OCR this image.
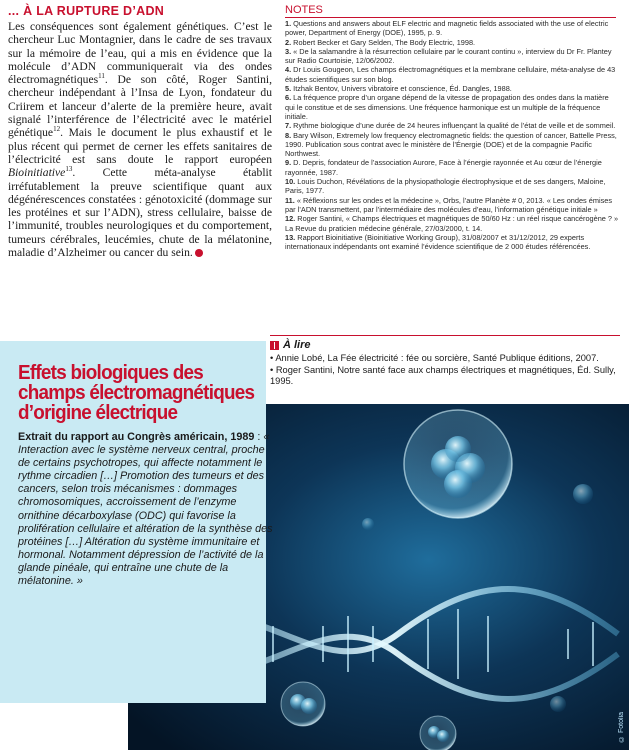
... À LA RUPTURE D’ADN

Les conséquences sont également génétiques. C’est le chercheur Luc Montagnier, dans le cadre de ses travaux sur la mémoire de l’eau, qui a mis en évidence que la molécule d’ADN communiquerait via des ondes électromagnétiques$^{11}$. De son côté, Roger Santini, chercheur indépendant à l’Insa de Lyon, fondateur du Criirem et lanceur d’alerte de la première heure, avait signalé l’interférence de l’électricité avec le matériel génétique$^{12}$. Mais le document le plus exhaustif et le plus récent qui permet de cerner les effets sanitaires de l’électricité est sans doute le rapport européen Bioinitiative$^{13}$. Cette méta-analyse établit irréfutablement la preuve scientifique quant aux dégénérescences constatées : génotoxicité (dommage sur les protéines et sur l’ADN), stress cellulaire, baisse de l’immunité, troubles neurologiques et du comportement, tumeurs cérébrales, leucémies, chute de la mélatonine, maladie d’Alzheimer ou cancer du sein.

NOTES
1. Questions and answers about ELF electric and magnetic fields associated with the use of electric power, Department of Energy (DOE), 1995, p. 9.
2. Robert Becker et Gary Selden, The Body Electric, 1998.
3. « De la salamandre à la résurrection cellulaire par le courant continu », interview du Dr Fr. Plantey sur Radio Courtoisie, 12/06/2002.
4. Dr Louis Gougeon, Les champs électromagnétiques et la membrane cellulaire, méta-analyse de 43 études scientifiques sur son blog.
5. Itzhak Bentov, Univers vibratoire et conscience, Éd. Dangles, 1988.
6. La fréquence propre d’un organe dépend de la vitesse de propagation des ondes dans la matière qui le constitue et de ses dimensions. Une fréquence harmonique est un multiple de la fréquence initiale.
7. Rythme biologique d’une durée de 24 heures influençant la qualité de l’état de veille et de sommeil.
8. Bary Wilson, Extremely low frequency electromagnetic fields: the question of cancer, Battelle Press, 1990. Publication sous contrat avec le ministère de l’Énergie (DOE) et de la compagnie Pacific Northwest.
9. D. Depris, fondateur de l’association Aurore, Face à l’énergie rayonnée et Au cœur de l’énergie rayonnée, 1987.
10. Louis Duchon, Révélations de la physiopathologie électrophysique et de ses dangers, Maloine, Paris, 1977.
11. « Réflexions sur les ondes et la médecine », Orbs, l’autre Planète # 0, 2013. « Les ondes émises par l’ADN transmettent, par l’intermédiaire des molécules d’eau, l’information génétique initiale »
12. Roger Santini, « Champs électriques et magnétiques de 50/60 Hz : un réel risque cancérogène ? » La Revue du praticien médecine générale, 27/03/2000, t. 14.
13. Rapport Bioinitiative (Bioinitiative Working Group), 31/08/2007 et 31/12/2012, 29 experts internationaux indépendants ont examiné l’évidence scientifique de 2 000 études référencées.
© Fotolia
À lire
• Annie Lobé, La Fée électricité : fée ou sorcière, Santé Publique éditions, 2007.
• Roger Santini, Notre santé face aux champs électriques et magnétiques, Éd. Sully, 1995.
Effets biologiques des champs électromagnétiques d’origine électrique
Extrait du rapport au Congrès américain, 1989 : « Interaction avec le système nerveux central, proche de certains psychotropes, qui affecte notamment le rythme circadien […] Promotion des tumeurs et des cancers, selon trois mécanismes : dommages chromosomiques, accroissement de l’enzyme ornithine décarboxylase (ODC) qui favorise la prolifération cellulaire et altération de la synthèse des protéines […] Altération du système immunitaire et hormonal. Notamment dépression de l’activité de la glande pinéale, qui entraîne une chute de la mélatonine. »
